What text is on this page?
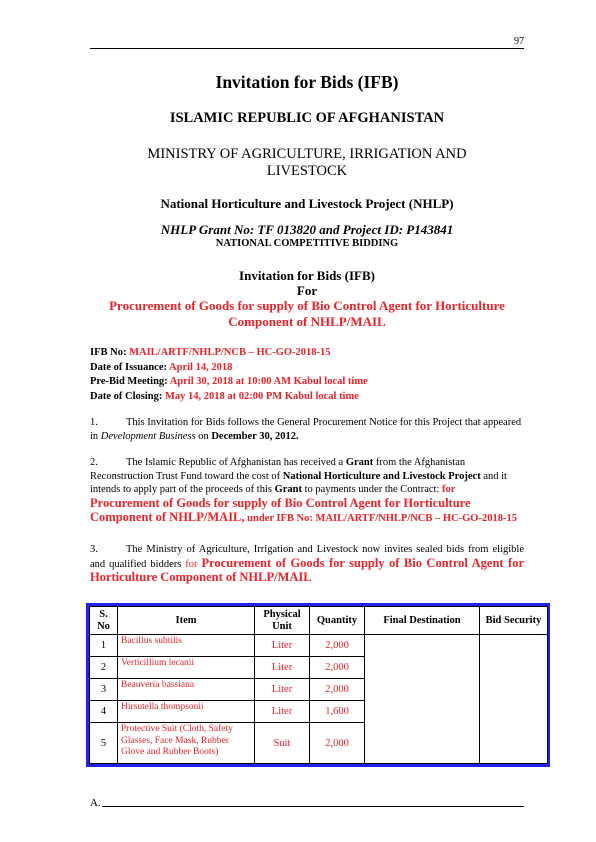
97
Invitation for Bids (IFB)
ISLAMIC REPUBLIC OF AFGHANISTAN
MINISTRY OF AGRICULTURE, IRRIGATION AND
LIVESTOCK
National Horticulture and Livestock Project (NHLP)
NHLP Grant No: TF 013820 and Project ID: P143841
NATIONAL COMPETITIVE BIDDING
Invitation for Bids (IFB)
For
Procurement of Goods for supply of Bio Control Agent for Horticulture
Component of NHLP/MAIL
IFB No: MAIL/ARTF/NHLP/NCB – HC-GO-2018-15
Date of Issuance: April 14, 2018
Pre-Bid Meeting: April 30, 2018 at 10:00 AM Kabul local time
Date of Closing: May 14, 2018 at 02:00 PM Kabul local time
1.	This Invitation for Bids follows the General Procurement Notice for this Project that appeared in Development Business on December 30, 2012.
2.	The Islamic Republic of Afghanistan has received a Grant from the Afghanistan Reconstruction Trust Fund toward the cost of National Horticulture and Livestock Project and it intends to apply part of the proceeds of this Grant to payments under the Contract: for Procurement of Goods for supply of Bio Control Agent for Horticulture Component of NHLP/MAIL, under IFB No: MAIL/ARTF/NHLP/NCB – HC-GO-2018-15
3.	The Ministry of Agriculture, Irrigation and Livestock now invites sealed bids from eligible and qualified bidders for Procurement of Goods for supply of Bio Control Agent for Horticulture Component of NHLP/MAIL
S. No	Item	Physical Unit	Quantity	Final Destination	Bid Security
1	Bacillus subtilis	Liter	2,000		
2	Verticillium lecanii	Liter	2,000		
3	Beauveria bassiana	Liter	2,000		
4	Hirsutella thompsonii	Liter	1,600		
5	Protective Suit (Cloth, Safety Glasses, Face Mask, Rubber Glove and Rubber Boots)	Suit	2,000		
A.
